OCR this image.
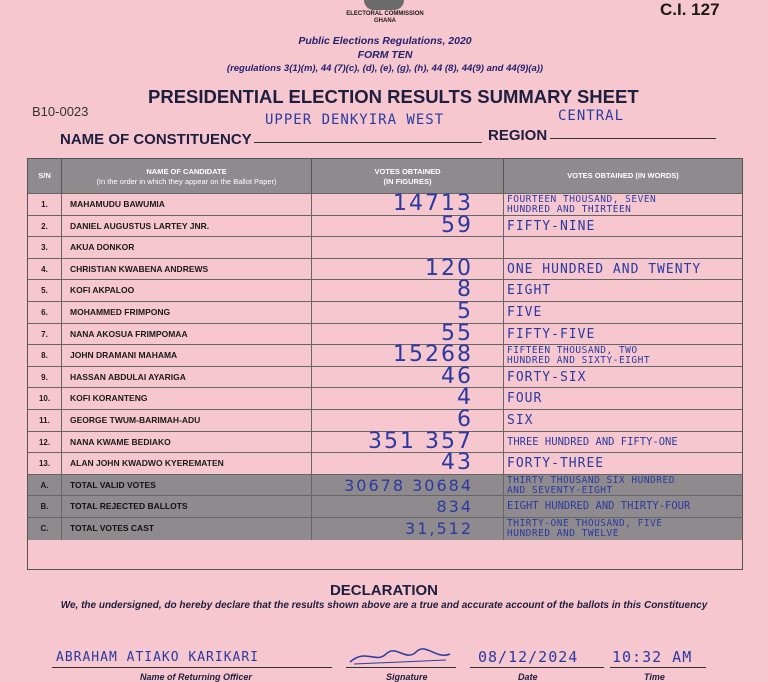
ELECTORAL COMMISSION
GHANA
C.I. 127
Public Elections Regulations, 2020
FORM TEN
(regulations 3(1)(m), 44 (7)(c), (d), (e), (g), (h), 44 (8), 44(9) and 44(9)(a))
B10-0023
PRESIDENTIAL ELECTION RESULTS SUMMARY SHEET
NAME OF CONSTITUENCY
UPPER DENKYIRA WEST
REGION
CENTRAL
S/N	NAME OF CANDIDATE
(In the order in which they appear on the Ballot Paper)
VOTES OBTAINED
(IN FIGURES)
VOTES OBTAINED (IN WORDS)
1.	MAHAMUDU BAWUMIA	14713	FOURTEEN THOUSAND, SEVEN
HUNDRED AND THIRTEEN
2.	DANIEL AUGUSTUS LARTEY JNR.	59	FIFTY-NINE
3.	AKUA DONKOR
4.	CHRISTIAN KWABENA ANDREWS	120	ONE HUNDRED AND TWENTY
5.	KOFI AKPALOO	8	EIGHT
6.	MOHAMMED FRIMPONG	5	FIVE
7.	NANA AKOSUA FRIMPOMAA	55	FIFTY-FIVE
8.	JOHN DRAMANI MAHAMA	15268	FIFTEEN THOUSAND, TWO
HUNDRED AND SIXTY-EIGHT
9.	HASSAN ABDULAI AYARIGA	46	FORTY-SIX
10.	KOFI KORANTENG	4	FOUR
11.	GEORGE TWUM-BARIMAH-ADU	6	SIX
12.	NANA KWAME BEDIAKO	351 357	THREE HUNDRED AND FIFTY-ONE
13.	ALAN JOHN KWADWO KYEREMATEN	43	FORTY-THREE
A.	TOTAL VALID VOTES	30678 30684	THIRTY THOUSAND SIX HUNDRED
AND SEVENTY-EIGHT
B.	TOTAL REJECTED BALLOTS	834	EIGHT HUNDRED AND THIRTY-FOUR
C.	TOTAL VOTES CAST	31,512	THIRTY-ONE THOUSAND, FIVE
HUNDRED AND TWELVE
DECLARATION
We, the undersigned, do hereby declare that the results shown above are a true and accurate account of the ballots in this Constituency
ABRAHAM ATIAKO KARIKARI
Name of Returning Officer	Signature
08/12/2024
Date
10:32 AM
Time
